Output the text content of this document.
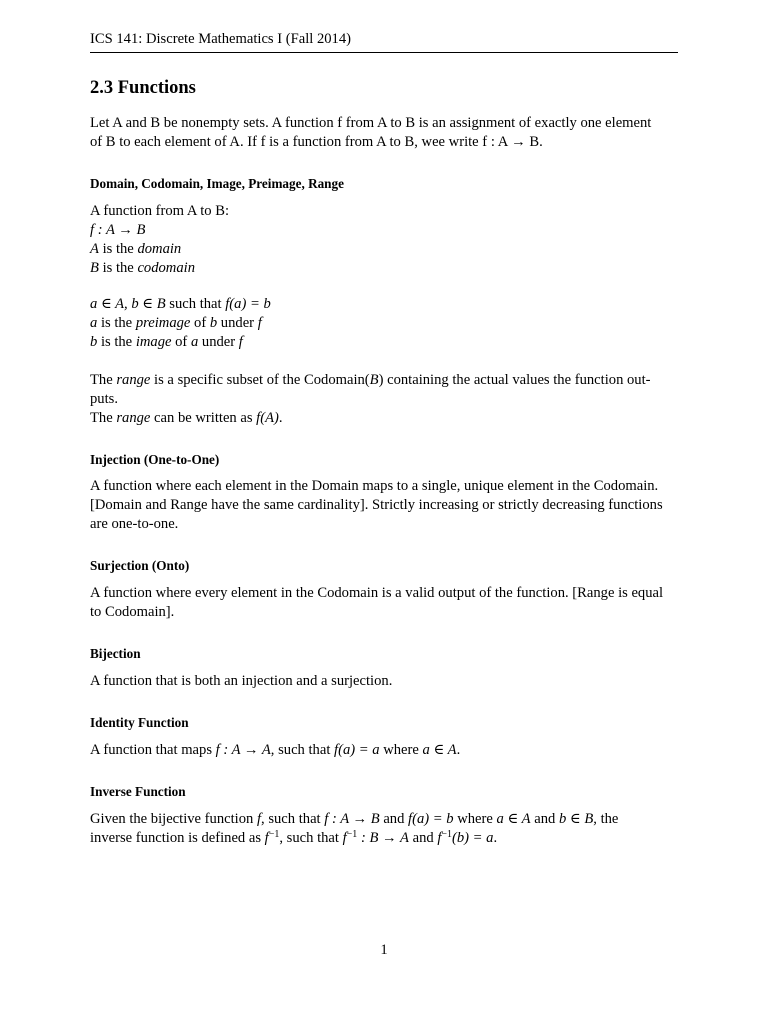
ICS 141: Discrete Mathematics I (Fall 2014)
2.3 Functions
Let A and B be nonempty sets. A function f from A to B is an assignment of exactly one element
of B to each element of A. If f is a function from A to B, wee write f : A → B.
Domain, Codomain, Image, Preimage, Range
A function from A to B:
f : A → B
A is the domain
B is the codomain
a ∈ A, b ∈ B such that f(a) = b
a is the preimage of b under f
b is the image of a under f
The range is a specific subset of the Codomain(B) containing the actual values the function out-
puts.
The range can be written as f(A).
Injection (One-to-One)
A function where each element in the Domain maps to a single, unique element in the Codomain.
[Domain and Range have the same cardinality]. Strictly increasing or strictly decreasing functions
are one-to-one.
Surjection (Onto)
A function where every element in the Codomain is a valid output of the function. [Range is equal
to Codomain].
Bijection
A function that is both an injection and a surjection.
Identity Function
A function that maps f : A → A, such that f(a) = a where a ∈ A.
Inverse Function
Given the bijective function f, such that f : A → B and f(a) = b where a ∈ A and b ∈ B, the
inverse function is defined as $f^{-1}$, such that $f^{-1}$ : B → A and $f^{-1}(b) = a$.
1
